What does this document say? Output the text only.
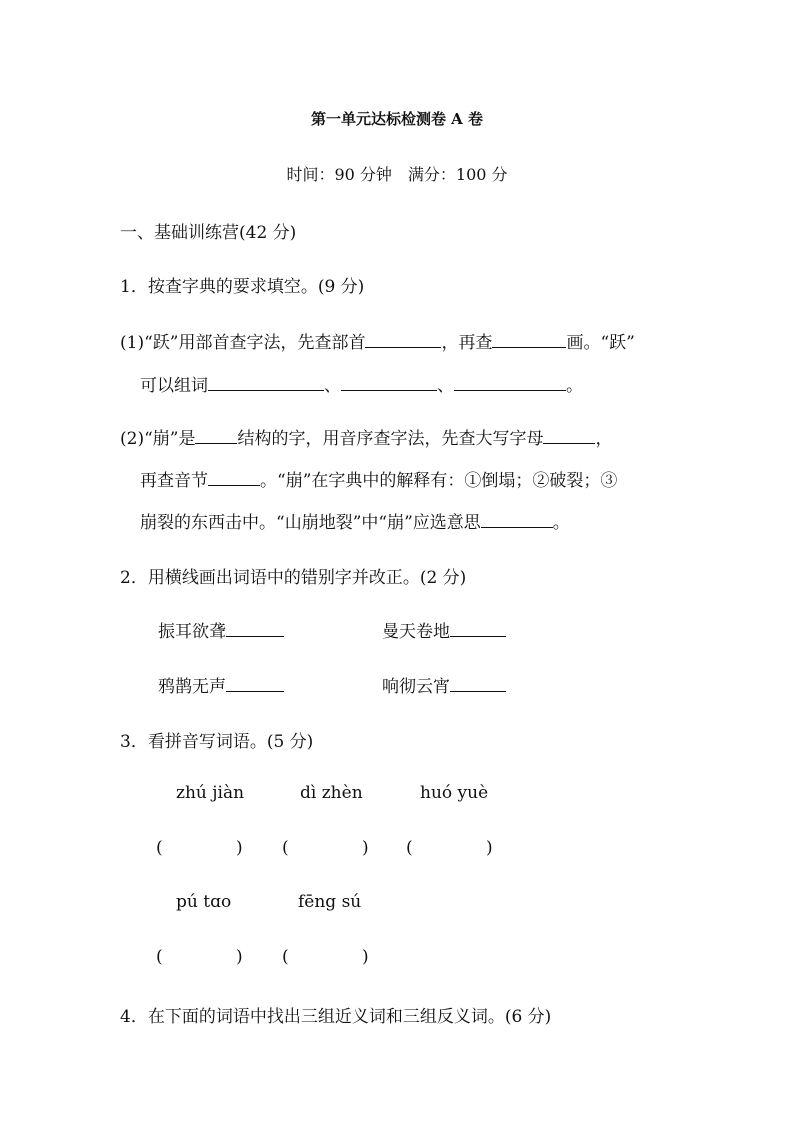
第一单元达标检测卷 A 卷
时间：90 分钟　满分：100 分
一、基础训练营(42 分)
1．按查字典的要求填空。(9 分)
(1)“跃”用部首查字法，先查部首	，再查	画。“跃”
可以组词	、	、	。
(2)“崩”是 结构的字，用音序查字法，先查大写字母	，
再查音节	。“崩”在字典中的解释有：①倒塌；②破裂；③
崩裂的东西击中。“山崩地裂”中“崩”应选意思	。
2．用横线画出词语中的错别字并改正。(2 分)
振耳欲聋	曼天卷地
鸦鹊无声	响彻云宵
3．看拼音写词语。(5 分)
zhú jiàn	dì zhèn	huó yuè
(	) (	) (	)
pú tɑo	fēng sú
(	) (	)
4．在下面的词语中找出三组近义词和三组反义词。(6 分)
